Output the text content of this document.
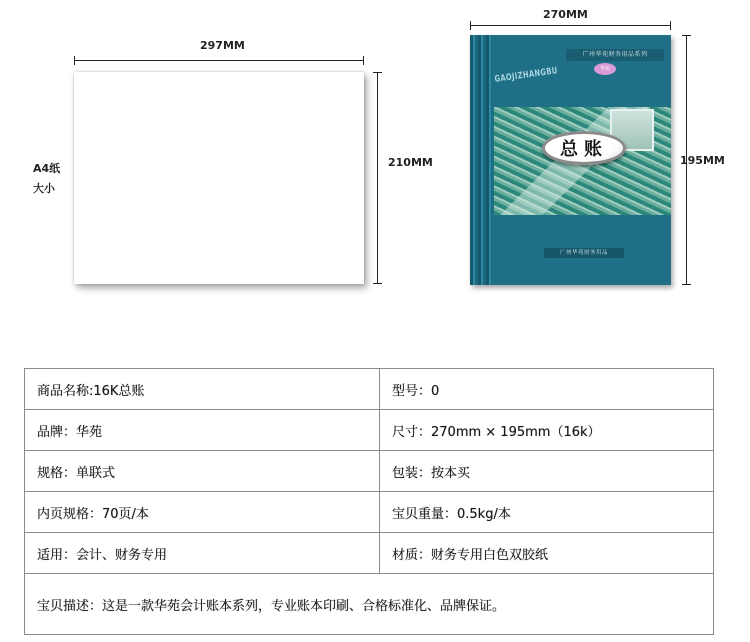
297MM
210MM
A4纸
大小
270MM
广州华苑财务用品系列
华苑
GAOJIZHANGBU
总账
广州华苑财务用品
195MM
商品名称:16K总账	型号：0
品牌：华苑	尺寸：270mm × 195mm（16k）
规格：单联式	包装：按本买
内页规格：70页/本	宝贝重量：0.5kg/本
适用：会计、财务专用	材质：财务专用白色双胶纸
宝贝描述：这是一款华苑会计账本系列，专业账本印刷、合格标准化、品牌保证。	
